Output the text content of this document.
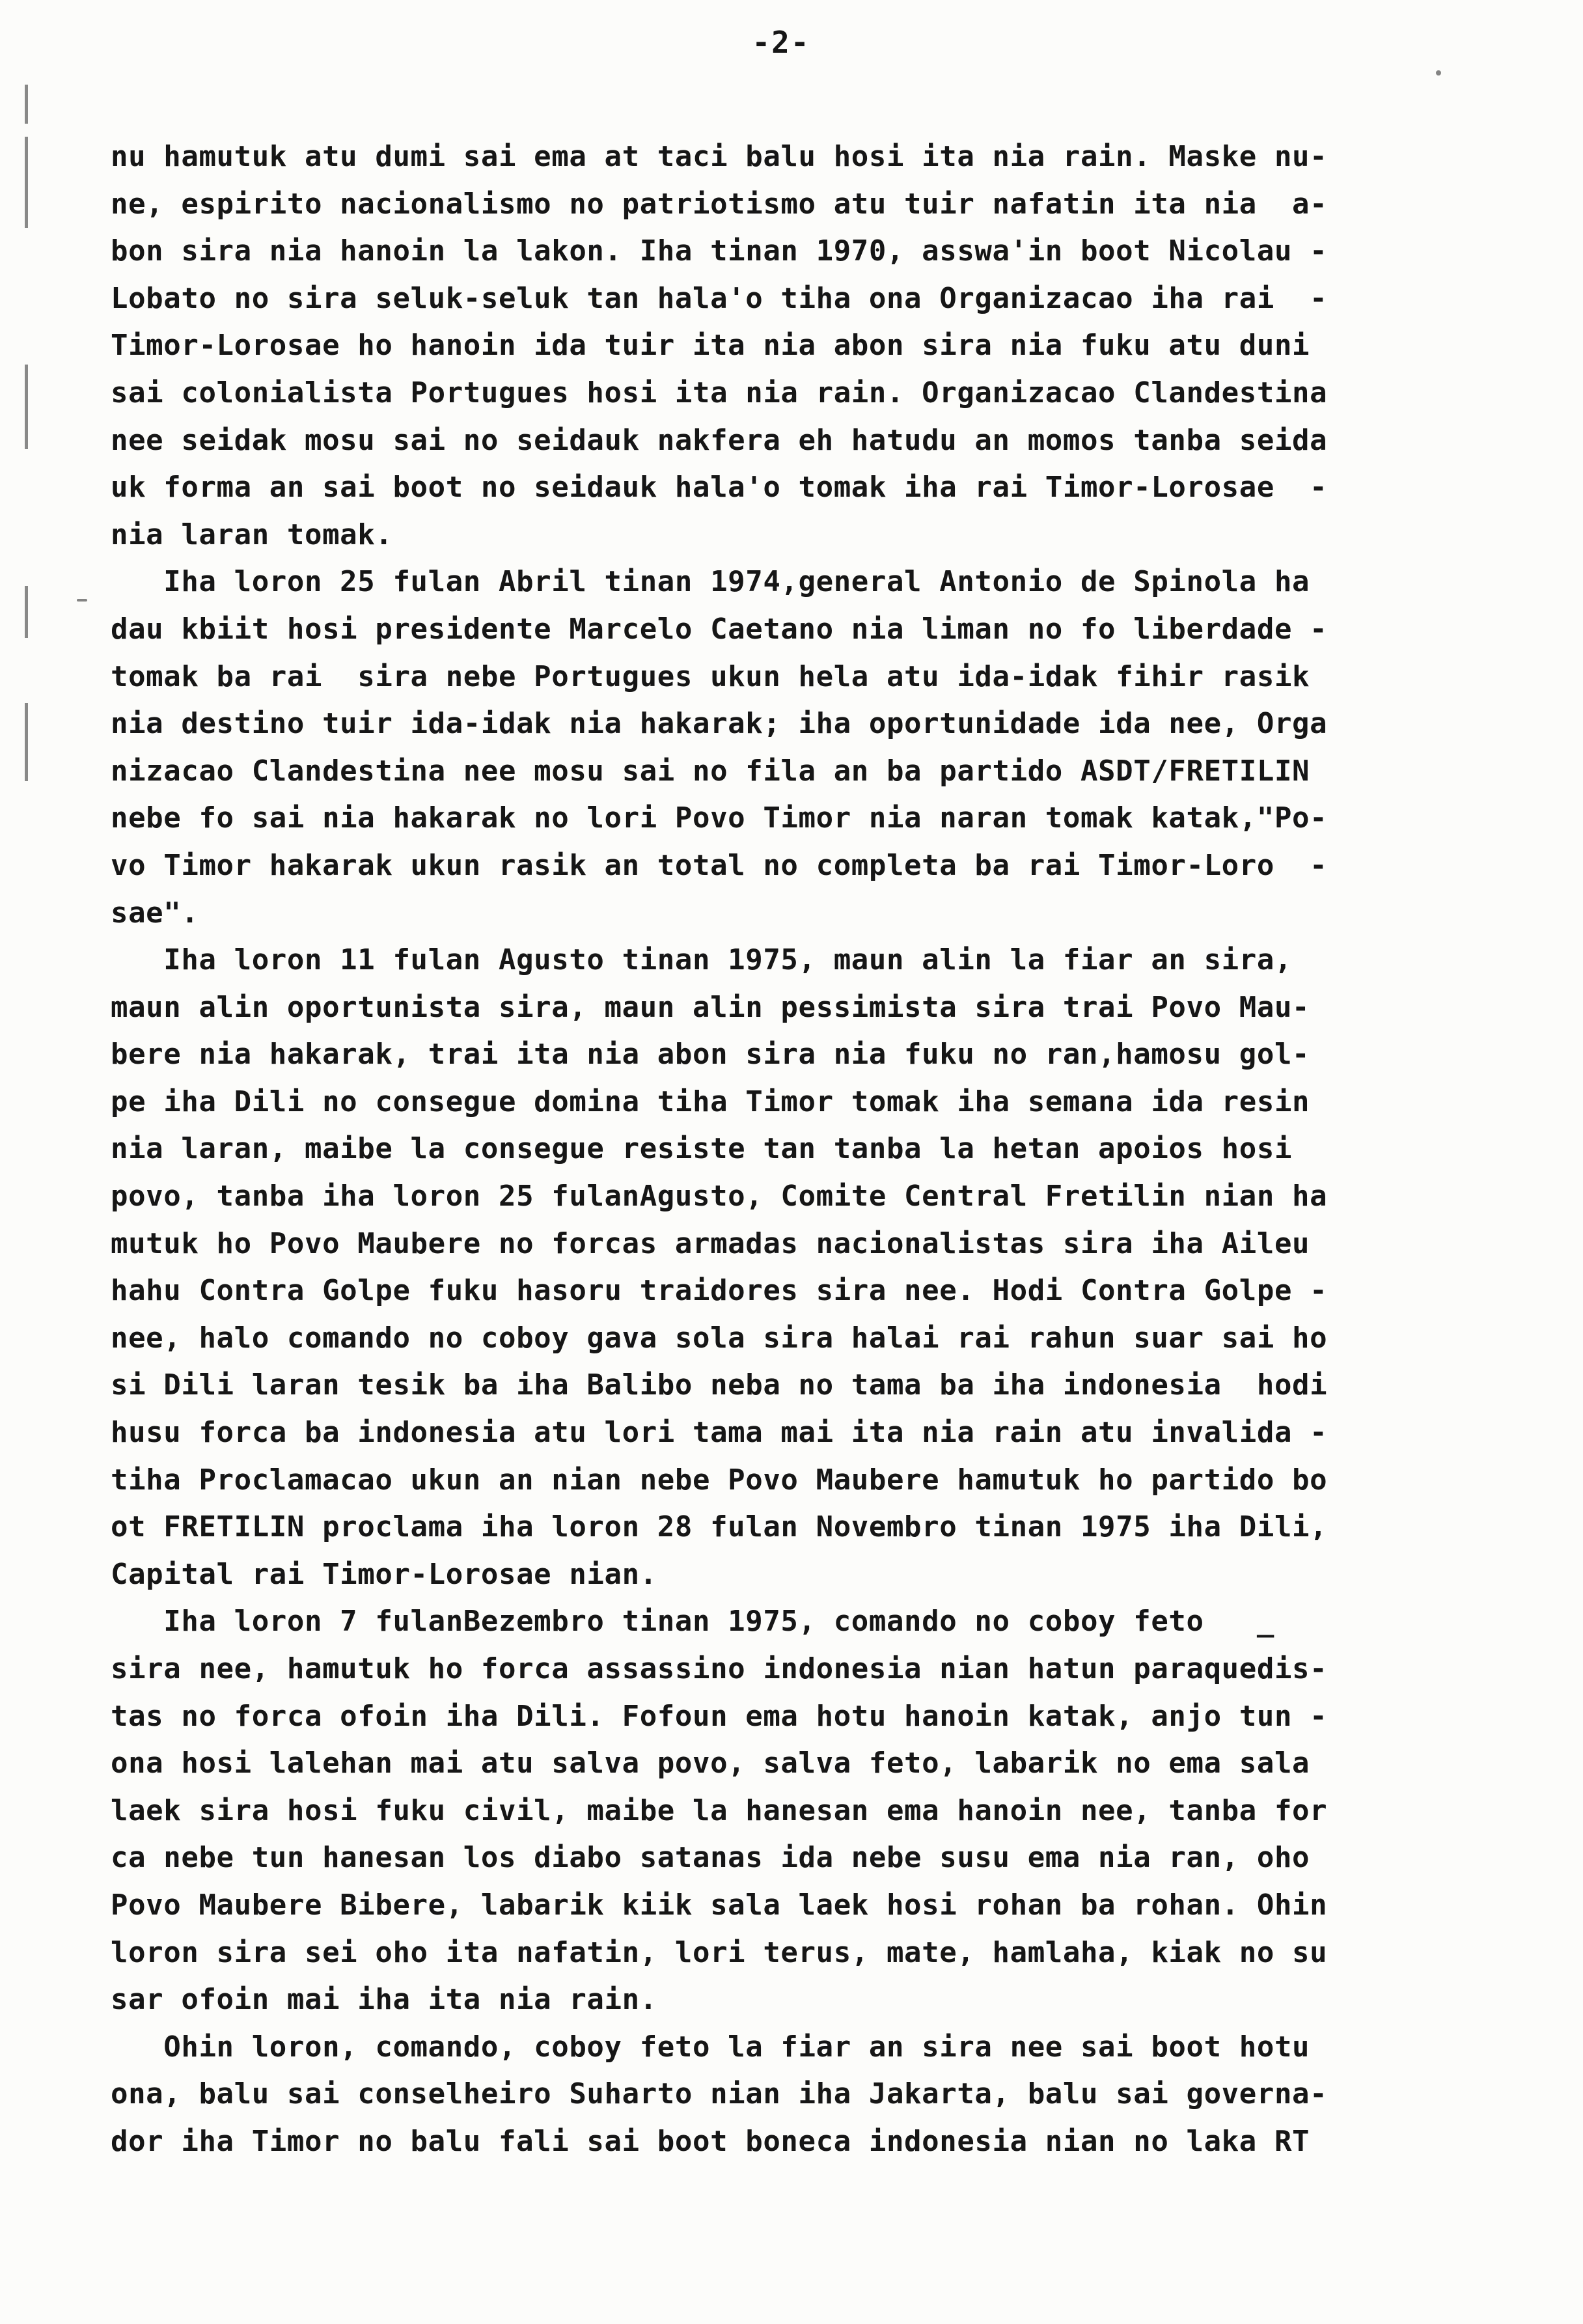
-2-
nu hamutuk atu dumi sai ema at taci balu hosi ita nia rain. Maske nu-
ne, espirito nacionalismo no patriotismo atu tuir nafatin ita nia  a-
bon sira nia hanoin la lakon. Iha tinan 1970, asswa'in boot Nicolau -
Lobato no sira seluk-seluk tan hala'o tiha ona Organizacao iha rai  -
Timor-Lorosae ho hanoin ida tuir ita nia abon sira nia fuku atu duni
sai colonialista Portugues hosi ita nia rain. Organizacao Clandestina
nee seidak mosu sai no seidauk nakfera eh hatudu an momos tanba seida
uk forma an sai boot no seidauk hala'o tomak iha rai Timor-Lorosae  -
nia laran tomak.
Iha loron 25 fulan Abril tinan 1974,general Antonio de Spinola ha
dau kbiit hosi presidente Marcelo Caetano nia liman no fo liberdade -
tomak ba rai  sira nebe Portugues ukun hela atu ida-idak fihir rasik
nia destino tuir ida-idak nia hakarak; iha oportunidade ida nee, Orga
nizacao Clandestina nee mosu sai no fila an ba partido ASDT/FRETILIN
nebe fo sai nia hakarak no lori Povo Timor nia naran tomak katak,"Po-
vo Timor hakarak ukun rasik an total no completa ba rai Timor-Loro  -
sae".
Iha loron 11 fulan Agusto tinan 1975, maun alin la fiar an sira,
maun alin oportunista sira, maun alin pessimista sira trai Povo Mau-
bere nia hakarak, trai ita nia abon sira nia fuku no ran,hamosu gol-
pe iha Dili no consegue domina tiha Timor tomak iha semana ida resin
nia laran, maibe la consegue resiste tan tanba la hetan apoios hosi
povo, tanba iha loron 25 fulanAgusto, Comite Central Fretilin nian ha
mutuk ho Povo Maubere no forcas armadas nacionalistas sira iha Aileu
hahu Contra Golpe fuku hasoru traidores sira nee. Hodi Contra Golpe -
nee, halo comando no coboy gava sola sira halai rai rahun suar sai ho
si Dili laran tesik ba iha Balibo neba no tama ba iha indonesia  hodi
husu forca ba indonesia atu lori tama mai ita nia rain atu invalida -
tiha Proclamacao ukun an nian nebe Povo Maubere hamutuk ho partido bo
ot FRETILIN proclama iha loron 28 fulan Novembro tinan 1975 iha Dili,
Capital rai Timor-Lorosae nian.
Iha loron 7 fulanBezembro tinan 1975, comando no coboy feto   _
sira nee, hamutuk ho forca assassino indonesia nian hatun paraquedis-
tas no forca ofoin iha Dili. Fofoun ema hotu hanoin katak, anjo tun -
ona hosi lalehan mai atu salva povo, salva feto, labarik no ema sala
laek sira hosi fuku civil, maibe la hanesan ema hanoin nee, tanba for
ca nebe tun hanesan los diabo satanas ida nebe susu ema nia ran, oho
Povo Maubere Bibere, labarik kiik sala laek hosi rohan ba rohan. Ohin
loron sira sei oho ita nafatin, lori terus, mate, hamlaha, kiak no su
sar ofoin mai iha ita nia rain.
Ohin loron, comando, coboy feto la fiar an sira nee sai boot hotu
ona, balu sai conselheiro Suharto nian iha Jakarta, balu sai governa-
dor iha Timor no balu fali sai boot boneca indonesia nian no laka RT
